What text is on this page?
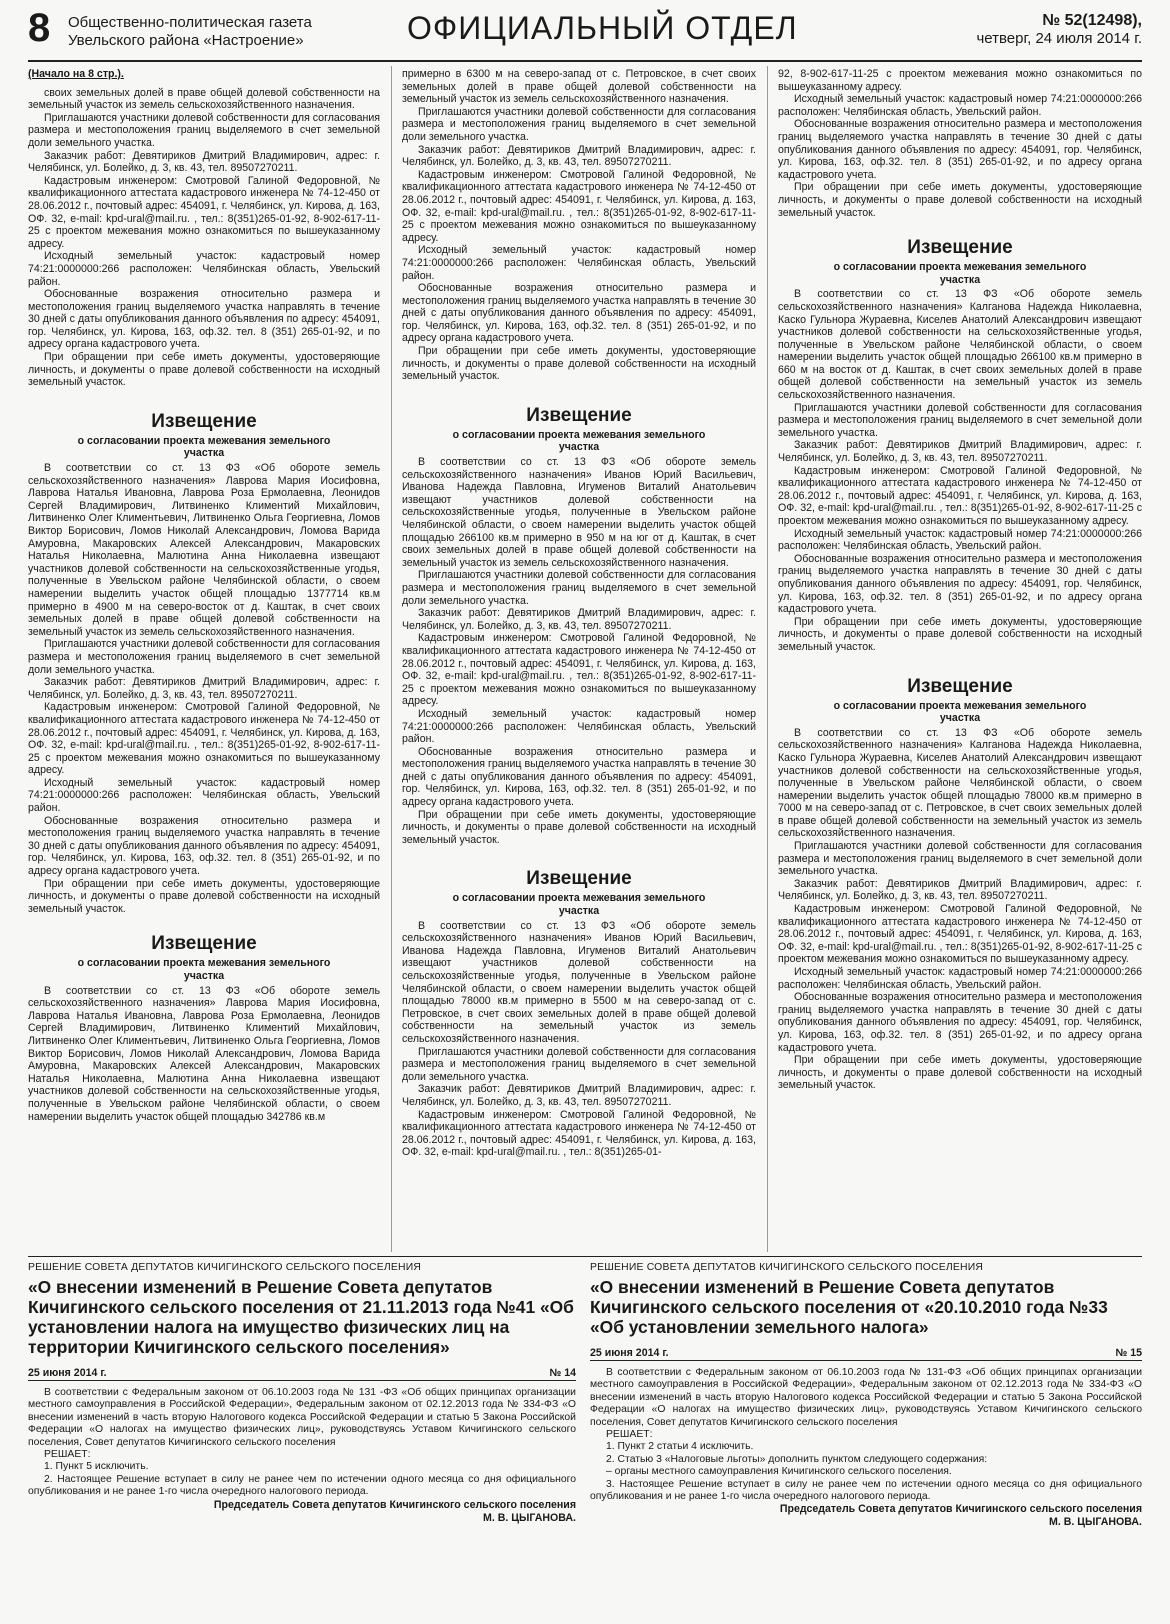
8 Общественно-политическая газета
Увельского района «Настроение»	ОФИЦИАЛЬНЫЙ ОТДЕЛ	№ 52(12498),
четверг, 24 июля 2014 г.

(Начало на 8 стр.).

своих земельных долей в праве общей долевой собственности на земельный участок из земель сельскохозяйственного назначения.

Приглашаются участники долевой собственности для согласования размера и местоположения границ выделяемого в счет земельной доли земельного участка.

Заказчик работ: Девятириков Дмитрий Владимирович, адрес: г. Челябинск, ул. Болейко, д. 3, кв. 43, тел. 89507270211.

Кадастровым инженером: Смотровой Галиной Федоровной, № квалификационного аттестата кадастрового инженера № 74-12-450 от 28.06.2012 г., почтовый адрес: 454091, г. Челябинск, ул. Кирова, д. 163, ОФ. 32, e-mail: kpd-ural@mail.ru. , тел.: 8(351)265-01-92, 8-902-617-11-25 с проектом межевания можно ознакомиться по вышеуказанному адресу.

Исходный земельный участок: кадастровый номер 74:21:0000000:266 расположен: Челябинская область, Увельский район.

Обоснованные возражения относительно размера и местоположения границ выделяемого участка направлять в течение 30 дней с даты опубликования данного объявления по адресу: 454091, гор. Челябинск, ул. Кирова, 163, оф.32. тел. 8 (351) 265-01-92, и по адресу органа кадастрового учета.

При обращении при себе иметь документы, удостоверяющие личность, и документы о праве долевой собственности на исходный земельный участок.

Извещение
о согласовании проекта межевания земельного участка

В соответствии со ст. 13 ФЗ «Об обороте земель сельскохозяйственного назначения» Лаврова Мария Иосифовна, Лаврова Наталья Ивановна, Лаврова Роза Ермолаевна, Леонидов Сергей Владимирович, Литвиненко Климентий Михайлович, Литвиненко Олег Климентьевич, Литвиненко Ольга Георгиевна, Ломов Виктор Борисович, Ломов Николай Александрович, Ломова Варида Амуровна, Макаровских Алексей Александрович, Макаровских Наталья Николаевна, Малютина Анна Николаевна извещают участников долевой собственности на сельскохозяйственные угодья, полученные в Увельском районе Челябинской области, о своем намерении выделить участок общей площадью 1377714 кв.м примерно в 4900 м на северо-восток от д. Каштак, в счет своих земельных долей в праве общей долевой собственности на земельный участок из земель сельскохозяйственного назначения.

Приглашаются участники долевой собственности для согласования размера и местоположения границ выделяемого в счет земельной доли земельного участка.

Заказчик работ: Девятириков Дмитрий Владимирович, адрес: г. Челябинск, ул. Болейко, д. 3, кв. 43, тел. 89507270211.

Кадастровым инженером: Смотровой Галиной Федоровной, № квалификационного аттестата кадастрового инженера № 74-12-450 от 28.06.2012 г., почтовый адрес: 454091, г. Челябинск, ул. Кирова, д. 163, ОФ. 32, e-mail: kpd-ural@mail.ru. , тел.: 8(351)265-01-92, 8-902-617-11-25 с проектом межевания можно ознакомиться по вышеуказанному адресу.

Исходный земельный участок: кадастровый номер 74:21:0000000:266 расположен: Челябинская область, Увельский район.

Обоснованные возражения относительно размера и местоположения границ выделяемого участка направлять в течение 30 дней с даты опубликования данного объявления по адресу: 454091, гор. Челябинск, ул. Кирова, 163, оф.32. тел. 8 (351) 265-01-92, и по адресу органа кадастрового учета.

При обращении при себе иметь документы, удостоверяющие личность, и документы о праве долевой собственности на исходный земельный участок.

Извещение
о согласовании проекта межевания земельного участка

В соответствии со ст. 13 ФЗ «Об обороте земель сельскохозяйственного назначения» Лаврова Мария Иосифовна, Лаврова Наталья Ивановна, Лаврова Роза Ермолаевна, Леонидов Сергей Владимирович, Литвиненко Климентий Михайлович, Литвиненко Олег Климентьевич, Литвиненко Ольга Георгиевна, Ломов Виктор Борисович, Ломов Николай Александрович, Ломова Варида Амуровна, Макаровских Алексей Александрович, Макаровских Наталья Николаевна, Малютина Анна Николаевна извещают участников долевой собственности на сельскохозяйственные угодья, полученные в Увельском районе Челябинской области, о своем намерении выделить участок общей площадью 342786 кв.м

примерно в 6300 м на северо-запад от с. Петровское, в счет своих земельных долей в праве общей долевой собственности на земельный участок из земель сельскохозяйственного назначения.

Приглашаются участники долевой собственности для согласования размера и местоположения границ выделяемого в счет земельной доли земельного участка.

Заказчик работ: Девятириков Дмитрий Владимирович, адрес: г. Челябинск, ул. Болейко, д. 3, кв. 43, тел. 89507270211.

Кадастровым инженером: Смотровой Галиной Федоровной, № квалификационного аттестата кадастрового инженера № 74-12-450 от 28.06.2012 г., почтовый адрес: 454091, г. Челябинск, ул. Кирова, д. 163, ОФ. 32, e-mail: kpd-ural@mail.ru. , тел.: 8(351)265-01-92, 8-902-617-11-25 с проектом межевания можно ознакомиться по вышеуказанному адресу.

Исходный земельный участок: кадастровый номер 74:21:0000000:266 расположен: Челябинская область, Увельский район.

Обоснованные возражения относительно размера и местоположения границ выделяемого участка направлять в течение 30 дней с даты опубликования данного объявления по адресу: 454091, гор. Челябинск, ул. Кирова, 163, оф.32. тел. 8 (351) 265-01-92, и по адресу органа кадастрового учета.

При обращении при себе иметь документы, удостоверяющие личность, и документы о праве долевой собственности на исходный земельный участок.

Извещение
о согласовании проекта межевания земельного участка

В соответствии со ст. 13 ФЗ «Об обороте земель сельскохозяйственного назначения» Иванов Юрий Васильевич, Иванова Надежда Павловна, Игуменов Виталий Анатольевич извещают участников долевой собственности на сельскохозяйственные угодья, полученные в Увельском районе Челябинской области, о своем намерении выделить участок общей площадью 266100 кв.м примерно в 950 м на юг от д. Каштак, в счет своих земельных долей в праве общей долевой собственности на земельный участок из земель сельскохозяйственного назначения.

Приглашаются участники долевой собственности для согласования размера и местоположения границ выделяемого в счет земельной доли земельного участка.

Заказчик работ: Девятириков Дмитрий Владимирович, адрес: г. Челябинск, ул. Болейко, д. 3, кв. 43, тел. 89507270211.

Кадастровым инженером: Смотровой Галиной Федоровной, № квалификационного аттестата кадастрового инженера № 74-12-450 от 28.06.2012 г., почтовый адрес: 454091, г. Челябинск, ул. Кирова, д. 163, ОФ. 32, e-mail: kpd-ural@mail.ru. , тел.: 8(351)265-01-92, 8-902-617-11-25 с проектом межевания можно ознакомиться по вышеуказанному адресу.

Исходный земельный участок: кадастровый номер 74:21:0000000:266 расположен: Челябинская область, Увельский район.

Обоснованные возражения относительно размера и местоположения границ выделяемого участка направлять в течение 30 дней с даты опубликования данного объявления по адресу: 454091, гор. Челябинск, ул. Кирова, 163, оф.32. тел. 8 (351) 265-01-92, и по адресу органа кадастрового учета.

При обращении при себе иметь документы, удостоверяющие личность, и документы о праве долевой собственности на исходный земельный участок.

Извещение
о согласовании проекта межевания земельного участка

В соответствии со ст. 13 ФЗ «Об обороте земель сельскохозяйственного назначения» Иванов Юрий Васильевич, Иванова Надежда Павловна, Игуменов Виталий Анатольевич извещают участников долевой собственности на сельскохозяйственные угодья, полученные в Увельском районе Челябинской области, о своем намерении выделить участок общей площадью 78000 кв.м примерно в 5500 м на северо-запад от с. Петровское, в счет своих земельных долей в праве общей долевой собственности на земельный участок из земель сельскохозяйственного назначения.

Приглашаются участники долевой собственности для согласования размера и местоположения границ выделяемого в счет земельной доли земельного участка.

Заказчик работ: Девятириков Дмитрий Владимирович, адрес: г. Челябинск, ул. Болейко, д. 3, кв. 43, тел. 89507270211.

Кадастровым инженером: Смотровой Галиной Федоровной, № квалификационного аттестата кадастрового инженера № 74-12-450 от 28.06.2012 г., почтовый адрес: 454091, г. Челябинск, ул. Кирова, д. 163, ОФ. 32, e-mail: kpd-ural@mail.ru. , тел.: 8(351)265-01-

92, 8-902-617-11-25 с проектом межевания можно ознакомиться по вышеуказанному адресу.

Исходный земельный участок: кадастровый номер 74:21:0000000:266 расположен: Челябинская область, Увельский район.

Обоснованные возражения относительно размера и местоположения границ выделяемого участка направлять в течение 30 дней с даты опубликования данного объявления по адресу: 454091, гор. Челябинск, ул. Кирова, 163, оф.32. тел. 8 (351) 265-01-92, и по адресу органа кадастрового учета.

При обращении при себе иметь документы, удостоверяющие личность, и документы о праве долевой собственности на исходный земельный участок.

Извещение
о согласовании проекта межевания земельного участка

В соответствии со ст. 13 ФЗ «Об обороте земель сельскохозяйственного назначения» Калганова Надежда Николаевна, Каско Гульнора Жураевна, Киселев Анатолий Александрович извещают участников долевой собственности на сельскохозяйственные угодья, полученные в Увельском районе Челябинской области, о своем намерении выделить участок общей площадью 266100 кв.м примерно в 660 м на восток от д. Каштак, в счет своих земельных долей в праве общей долевой собственности на земельный участок из земель сельскохозяйственного назначения.

Приглашаются участники долевой собственности для согласования размера и местоположения границ выделяемого в счет земельной доли земельного участка.

Заказчик работ: Девятириков Дмитрий Владимирович, адрес: г. Челябинск, ул. Болейко, д. 3, кв. 43, тел. 89507270211.

Кадастровым инженером: Смотровой Галиной Федоровной, № квалификационного аттестата кадастрового инженера № 74-12-450 от 28.06.2012 г., почтовый адрес: 454091, г. Челябинск, ул. Кирова, д. 163, ОФ. 32, e-mail: kpd-ural@mail.ru. , тел.: 8(351)265-01-92, 8-902-617-11-25 с проектом межевания можно ознакомиться по вышеуказанному адресу.

Исходный земельный участок: кадастровый номер 74:21:0000000:266 расположен: Челябинская область, Увельский район.

Обоснованные возражения относительно размера и местоположения границ выделяемого участка направлять в течение 30 дней с даты опубликования данного объявления по адресу: 454091, гор. Челябинск, ул. Кирова, 163, оф.32. тел. 8 (351) 265-01-92, и по адресу органа кадастрового учета.

При обращении при себе иметь документы, удостоверяющие личность, и документы о праве долевой собственности на исходный земельный участок.

Извещение
о согласовании проекта межевания земельного участка

В соответствии со ст. 13 ФЗ «Об обороте земель сельскохозяйственного назначения» Калганова Надежда Николаевна, Каско Гульнора Жураевна, Киселев Анатолий Александрович извещают участников долевой собственности на сельскохозяйственные угодья, полученные в Увельском районе Челябинской области, о своем намерении выделить участок общей площадью 78000 кв.м примерно в 7000 м на северо-запад от с. Петровское, в счет своих земельных долей в праве общей долевой собственности на земельный участок из земель сельскохозяйственного назначения.

Приглашаются участники долевой собственности для согласования размера и местоположения границ выделяемого в счет земельной доли земельного участка.

Заказчик работ: Девятириков Дмитрий Владимирович, адрес: г. Челябинск, ул. Болейко, д. 3, кв. 43, тел. 89507270211.

Кадастровым инженером: Смотровой Галиной Федоровной, № квалификационного аттестата кадастрового инженера № 74-12-450 от 28.06.2012 г., почтовый адрес: 454091, г. Челябинск, ул. Кирова, д. 163, ОФ. 32, e-mail: kpd-ural@mail.ru. , тел.: 8(351)265-01-92, 8-902-617-11-25 с проектом межевания можно ознакомиться по вышеуказанному адресу.

Исходный земельный участок: кадастровый номер 74:21:0000000:266 расположен: Челябинская область, Увельский район.

Обоснованные возражения относительно размера и местоположения границ выделяемого участка направлять в течение 30 дней с даты опубликования данного объявления по адресу: 454091, гор. Челябинск, ул. Кирова, 163, оф.32. тел. 8 (351) 265-01-92, и по адресу органа кадастрового учета.

При обращении при себе иметь документы, удостоверяющие личность, и документы о праве долевой собственности на исходный земельный участок.

РЕШЕНИЕ СОВЕТА ДЕПУТАТОВ КИЧИГИНСКОГО СЕЛЬСКОГО ПОСЕЛЕНИЯ
«О внесении изменений в Решение Совета депутатов Кичигинского сельского поселения от 21.11.2013 года №41 «Об установлении налога на имущество физических лиц на территории Кичигинского сельского поселения»
25 июня 2014 г.	№ 14

В соответствии с Федеральным законом от 06.10.2003 года № 131 -ФЗ «Об общих принципах организации местного самоуправления в Российской Федерации», Федеральным законом от 02.12.2013 года № 334-ФЗ «О внесении изменений в часть вторую Налогового кодекса Российской Федерации и статью 5 Закона Российской Федерации «О налогах на имущество физических лиц», руководствуясь Уставом Кичигинского сельского поселения, Совет депутатов Кичигинского сельского поселения

РЕШАЕТ:

1. Пункт 5 исключить.

2. Настоящее Решение вступает в силу не ранее чем по истечении одного месяца со дня официального опубликования и не ранее 1-го числа очередного налогового периода.

Председатель Совета депутатов Кичигинского сельского поселения
М. В. ЦЫГАНОВА.
РЕШЕНИЕ СОВЕТА ДЕПУТАТОВ КИЧИГИНСКОГО СЕЛЬСКОГО ПОСЕЛЕНИЯ
«О внесении изменений в Решение Совета депутатов Кичигинского сельского поселения от «20.10.2010 года №33 «Об установлении земельного налога»
25 июня 2014 г.	№ 15

В соответствии с Федеральным законом от 06.10.2003 года № 131-ФЗ «Об общих принципах организации местного самоуправления в Российской Федерации», Федеральным законом от 02.12.2013 года № 334-ФЗ «О внесении изменений в часть вторую Налогового кодекса Российской Федерации и статью 5 Закона Российской Федерации «О налогах на имущество физических лиц», руководствуясь Уставом Кичигинского сельского поселения, Совет депутатов Кичигинского сельского поселения

РЕШАЕТ:

1. Пункт 2 статьи 4 исключить.

2. Статью 3 «Налоговые льготы» дополнить пунктом следующего содержания:

– органы местного самоуправления Кичигинского сельского поселения.

3. Настоящее Решение вступает в силу не ранее чем по истечении одного месяца со дня официального опубликования и не ранее 1-го числа очередного налогового периода.

Председатель Совета депутатов Кичигинского сельского поселения
М. В. ЦЫГАНОВА.
